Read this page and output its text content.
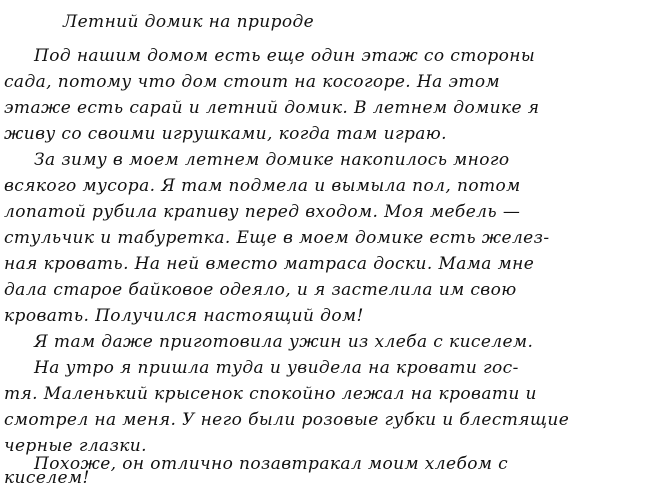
Летний домик на природе
Под нашим домом есть еще один этаж со стороны
сада, потому что дом стоит на косогоре. На этом
этаже есть сарай и летний домик. В летнем домике я
живу со своими игрушками, когда там играю.
За зиму в моем летнем домике накопилось много
всякого мусора. Я там подмела и вымыла пол, потом
лопатой рубила крапиву перед входом. Моя мебель —
стульчик и табуретка. Еще в моем домике есть желез-
ная кровать. На ней вместо матраса доски. Мама мне
дала старое байковое одеяло, и я застелила им свою
кровать. Получился настоящий дом!
Я там даже приготовила ужин из хлеба с киселем.
На утро я пришла туда и увидела на кровати гос-
тя. Маленький крысенок спокойно лежал на кровати и
смотрел на меня. У него были розовые губки и блестящие
черные глазки.
Похоже, он отлично позавтракал моим хлебом с
киселем!
